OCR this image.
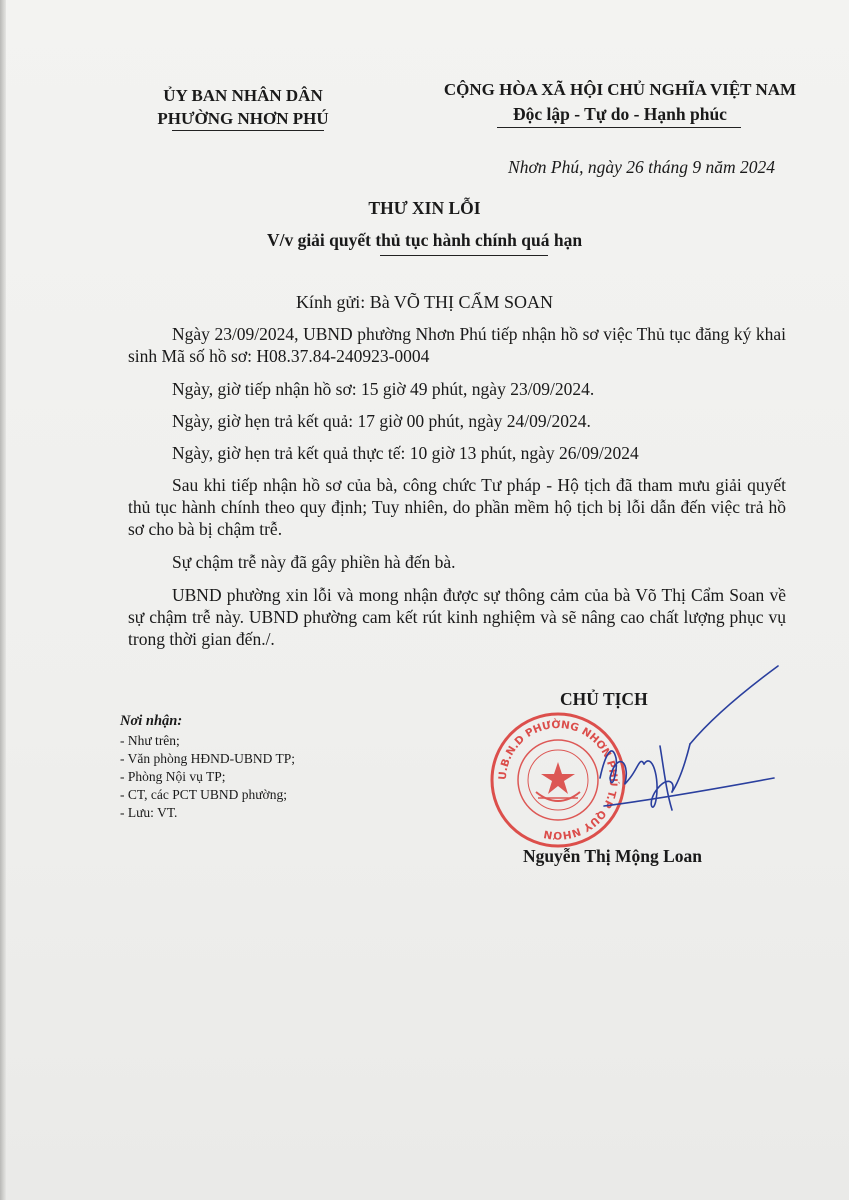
ỦY BAN NHÂN DÂN
PHƯỜNG NHƠN PHÚ
CỘNG HÒA XÃ HỘI CHỦ NGHĨA VIỆT NAM
Độc lập - Tự do - Hạnh phúc
Nhơn Phú, ngày 26 tháng 9 năm 2024
THƯ XIN LỖI
V/v giải quyết thủ tục hành chính quá hạn
Kính gửi: Bà VÕ THỊ CẨM SOAN

Ngày 23/09/2024, UBND phường Nhơn Phú tiếp nhận hồ sơ việc Thủ tục đăng ký khai sinh Mã số hồ sơ: H08.37.84-240923-0004

Ngày, giờ tiếp nhận hồ sơ: 15 giờ 49 phút, ngày 23/09/2024.

Ngày, giờ hẹn trả kết quả: 17 giờ 00 phút, ngày 24/09/2024.

Ngày, giờ hẹn trả kết quả thực tế: 10 giờ 13 phút, ngày 26/09/2024

Sau khi tiếp nhận hồ sơ của bà, công chức Tư pháp - Hộ tịch đã tham mưu giải quyết thủ tục hành chính theo quy định; Tuy nhiên, do phần mềm hộ tịch bị lỗi dẫn đến việc trả hồ sơ cho bà bị chậm trễ.

Sự chậm trễ này đã gây phiền hà đến bà.

UBND phường xin lỗi và mong nhận được sự thông cảm của bà Võ Thị Cẩm Soan về sự chậm trễ này. UBND phường cam kết rút kinh nghiệm và sẽ nâng cao chất lượng phục vụ trong thời gian đến./.

CHỦ TỊCH
U.B.N.D PHƯỜNG NHƠN PHÚ T.P QUY NHƠN
Nguyễn Thị Mộng Loan
Nơi nhận:
- Như trên;
- Văn phòng HĐND-UBND TP;
- Phòng Nội vụ TP;
- CT, các PCT UBND phường;
- Lưu: VT.
